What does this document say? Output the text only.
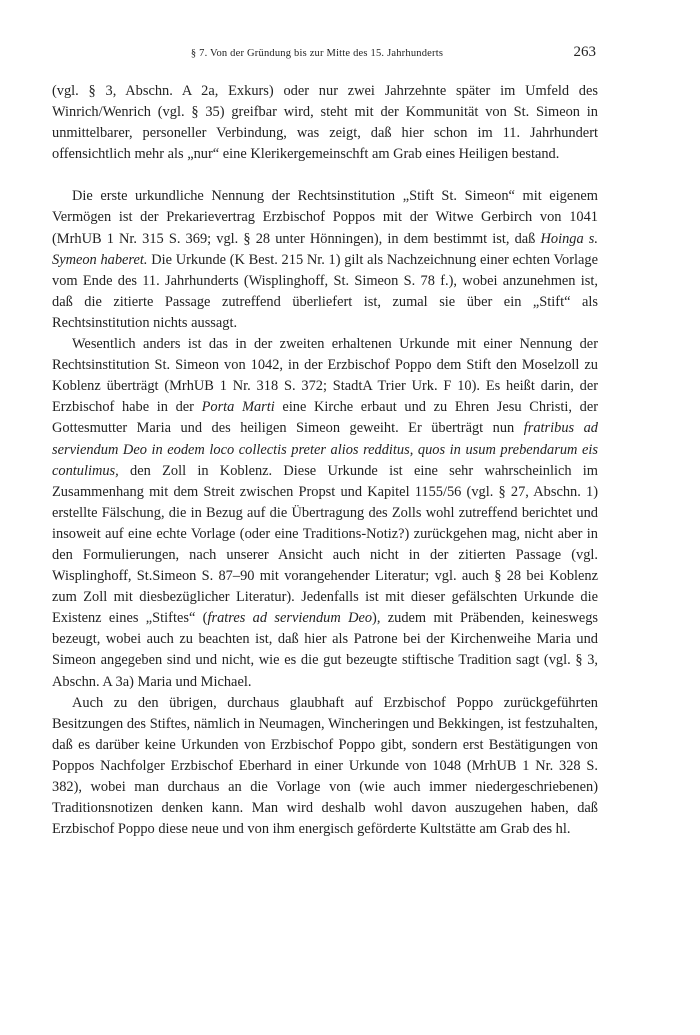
§ 7. Von der Gründung bis zur Mitte des 15. Jahrhunderts	263

(vgl. § 3, Abschn. A 2a, Exkurs) oder nur zwei Jahrzehnte später im Umfeld des Winrich/Wenrich (vgl. § 35) greifbar wird, steht mit der Kommunität von St. Simeon in unmittelbarer, personeller Verbindung, was zeigt, daß hier schon im 11. Jahrhundert offensichtlich mehr als „nur“ eine Klerikergemeinschft am Grab eines Heiligen bestand.

Die erste urkundliche Nennung der Rechtsinstitution „Stift St. Simeon“ mit eigenem Vermögen ist der Prekarievertrag Erzbischof Poppos mit der Witwe Gerbirch von 1041 (MrhUB 1 Nr. 315 S. 369; vgl. § 28 unter Hönningen), in dem bestimmt ist, daß Hoinga s. Symeon haberet. Die Urkunde (K Best. 215 Nr. 1) gilt als Nachzeichnung einer echten Vorlage vom Ende des 11. Jahrhunderts (Wisplinghoff, St. Simeon S. 78 f.), wobei anzunehmen ist, daß die zitierte Passage zutreffend überliefert ist, zumal sie über ein „Stift“ als Rechtsinstitution nichts aussagt.

Wesentlich anders ist das in der zweiten erhaltenen Urkunde mit einer Nennung der Rechtsinstitution St. Simeon von 1042, in der Erzbischof Poppo dem Stift den Moselzoll zu Koblenz überträgt (MrhUB 1 Nr. 318 S. 372; StadtA Trier Urk. F 10). Es heißt darin, der Erzbischof habe in der Porta Marti eine Kirche erbaut und zu Ehren Jesu Christi, der Gottesmutter Maria und des heiligen Simeon geweiht. Er überträgt nun fratribus ad serviendum Deo in eodem loco collectis preter alios redditus, quos in usum prebendarum eis contulimus, den Zoll in Koblenz. Diese Urkunde ist eine sehr wahrscheinlich im Zusammenhang mit dem Streit zwischen Propst und Kapitel 1155/56 (vgl. § 27, Abschn. 1) erstellte Fälschung, die in Bezug auf die Übertragung des Zolls wohl zutreffend berichtet und insoweit auf eine echte Vorlage (oder eine Traditions-Notiz?) zurückgehen mag, nicht aber in den Formulierungen, nach unserer Ansicht auch nicht in der zitierten Passage (vgl. Wisplinghoff, St.Simeon S. 87–90 mit vorangehender Literatur; vgl. auch § 28 bei Koblenz zum Zoll mit diesbezüglicher Literatur). Jedenfalls ist mit dieser gefälschten Urkunde die Existenz eines „Stiftes“ (fratres ad serviendum Deo), zudem mit Präbenden, keineswegs bezeugt, wobei auch zu beachten ist, daß hier als Patrone bei der Kirchenweihe Maria und Simeon angegeben sind und nicht, wie es die gut bezeugte stiftische Tradition sagt (vgl. § 3, Abschn. A 3a) Maria und Michael.

Auch zu den übrigen, durchaus glaubhaft auf Erzbischof Poppo zurückgeführten Besitzungen des Stiftes, nämlich in Neumagen, Wincheringen und Bekkingen, ist festzuhalten, daß es darüber keine Urkunden von Erzbischof Poppo gibt, sondern erst Bestätigungen von Poppos Nachfolger Erzbischof Eberhard in einer Urkunde von 1048 (MrhUB 1 Nr. 328 S. 382), wobei man durchaus an die Vorlage von (wie auch immer niedergeschriebenen) Traditionsnotizen denken kann. Man wird deshalb wohl davon auszugehen haben, daß Erzbischof Poppo diese neue und von ihm energisch geförderte Kultstätte am Grab des hl.
